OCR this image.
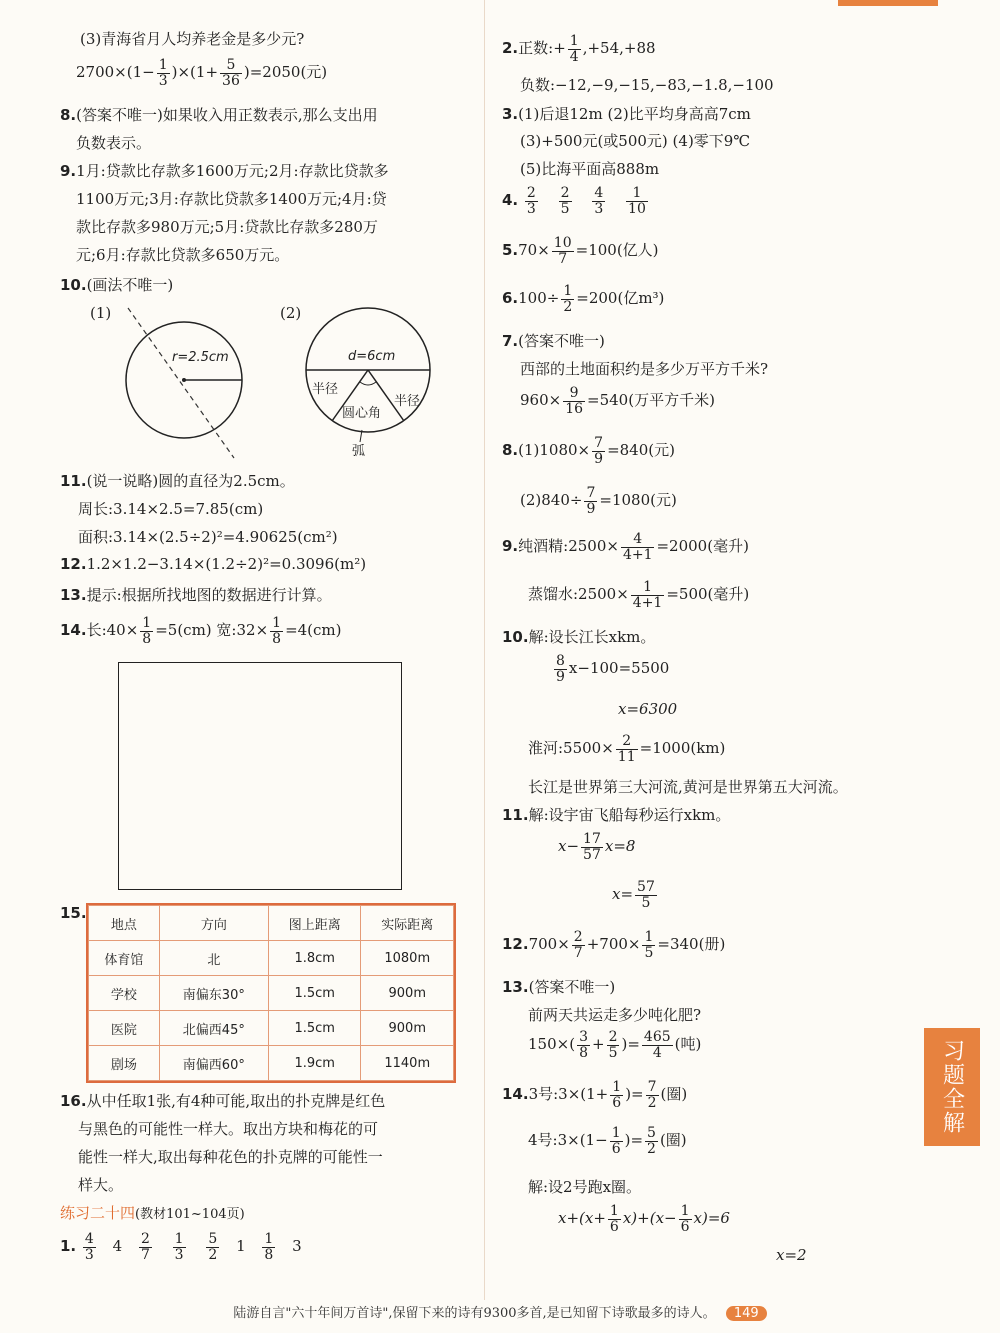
(3)青海省月人均养老金是多少元?
$2700\times(1- \frac{1}{3} )\times(1+ \frac{5}{36} )=2050$(元)
8.(答案不唯一)如果收入用正数表示,那么支出用
负数表示。
9.1月:贷款比存款多1600万元;2月:存款比贷款多
1100万元;3月:存款比贷款多1400万元;4月:贷
款比存款多980万元;5月:贷款比存款多280万
元;6月:存款比贷款多650万元。
10.(画法不唯一)
(1)	(2)
r=2.5cm	d=6cm
半径
半径
圆心角
弧
11.(说一说略)圆的直径为2.5cm。
周长:3.14×2.5=7.85(cm)
面积:3.14×(2.5÷2)²=4.90625(cm²)
12.1.2×1.2−3.14×(1.2÷2)²=0.3096(m²)
13.提示:根据所找地图的数据进行计算。
14.长:40× $\frac{1}{8} =5(cm)$ 宽:32× $\frac{1}{8} =4(cm)$
15.
地点	方向	图上距离	实际距离
体育馆	北	1.8cm	1080m
学校	南偏东30°	1.5cm	900m
医院	北偏西45°	1.5cm	900m
剧场	南偏西60°	1.9cm	1140m
16.从中任取1张,有4种可能,取出的扑克牌是红色
与黑色的可能性一样大。取出方块和梅花的可
能性一样大,取出每种花色的扑克牌的可能性一
样大。
练习二十四(教材101~104页)
1. $\frac{4}{3} 4 \frac{2}{7}$
$\frac{1}{3}$
$\frac{5}{2} 1 \frac{1}{8} 3$
2.正数:+ $\frac{1}{4} ,+54,+88$
负数:−12,−9,−15,−83,−1.8,−100
3.(1)后退12m (2)比平均身高高7cm
(3)+500元(或500元) (4)零下9℃
(5)比海平面高888m
4. $\frac{2}{3}$
$\frac{2}{5}$
$\frac{4}{3}$
$\frac{1}{10}$
$5.70\times \frac{10}{7} =100$(亿人)
$6.100\div \frac{1}{2} =200$(亿m³)
7.(答案不唯一)
西部的土地面积约是多少万平方千米?
$960\times \frac{9}{16} =540$(万平方千米)
$8.(1)1080\times \frac{7}{9} =840$(元)
$(2)840\div \frac{7}{9} =1080$(元)
9.纯酒精:2500× $\frac{4}{4+1} =2000$(毫升)
蒸馏水:2500× $\frac{1}{4+1} =500$(毫升)
10.解:设长江长xkm。
$\frac{8}{9} x-100=5500$
x=6300
淮河:5500× $\frac{2}{11} =1000(km)$
长江是世界第三大河流,黄河是世界第五大河流。
11.解:设宇宙飞船每秒运行xkm。
$x- \frac{17}{57} x=8$
$x= \frac{57}{5}$
$12.700\times \frac{2}{7} +700\times \frac{1}{5} =340$(册)
13.(答案不唯一)
前两天共运走多少吨化肥?
$150\times( \frac{3}{8} + \frac{2}{5}$ )= $\frac{465}{4}$ (吨)
14.3号:3×(1+ $\frac{1}{6}$ )= $\frac{7}{2}$ (圈)
4号:3×(1− $\frac{1}{6}$ )= $\frac{5}{2}$ (圈)
解:设2号跑x圈。
$x+(x+ \frac{1}{6} x)+(x- \frac{1}{6} x)=6$
x=2
习题全解
陆游自言"六十年间万首诗",保留下来的诗有9300多首,是已知留下诗歌最多的诗人。 149
